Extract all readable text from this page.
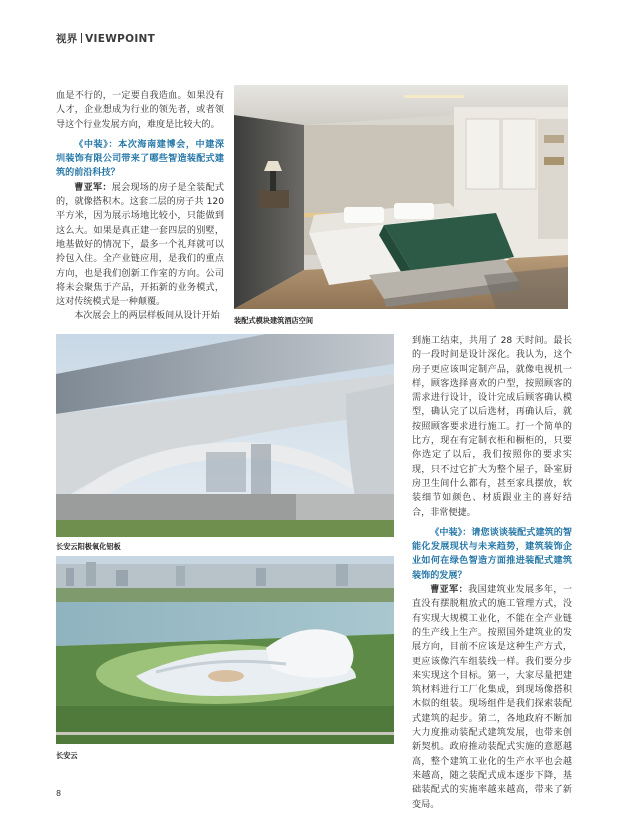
视界 VIEWPOINT

血是不行的，一定要自我造血。如果没有人才，企业想成为行业的领先者，或者领导这个行业发展方向，难度是比较大的。

《中装》：本次海南建博会，中建深圳装饰有限公司带来了哪些智造装配式建筑的前沿科技？

曹亚军：展会现场的房子是全装配式的，就像搭积木。这套二层的房子共 120 平方米，因为展示场地比较小，只能做到这么大。如果是真正建一套四层的别墅，地基做好的情况下，最多一个礼拜就可以拎包入住。全产业链应用，是我们的重点方向，也是我们创新工作室的方向。公司将未会聚焦于产品，开拓新的业务模式，这对传统模式是一种颠覆。

本次展会上的两层样板间从设计开始	装配式模块建筑酒店空间
长安云阳极氧化铝板
长安云

到施工结束，共用了 28 天时间。最长的一段时间是设计深化。我认为，这个房子更应该叫定制产品，就像电视机一样，顾客选择喜欢的户型，按照顾客的需求进行设计，设计完成后顾客确认模型，确认完了以后选材，再确认后，就按照顾客要求进行施工。打一个简单的比方，现在有定制衣柜和橱柜的，只要你选定了以后，我们按照你的要求实现，只不过它扩大为整个屋子，卧室厨房卫生间什么都有，甚至家具摆放，软装细节如颜色、材质跟业主的喜好结合，非常便捷。

《中装》：请您谈谈装配式建筑的智能化发展现状与未来趋势，建筑装饰企业如何在绿色智造方面推进装配式建筑装饰的发展？

曹亚军：我国建筑业发展多年，一直没有摆脱粗放式的施工管理方式，没有实现大规模工业化，不能在全产业链的生产线上生产。按照国外建筑业的发展方向，目前不应该是这种生产方式，更应该像汽车组装线一样。我们要分步来实现这个目标。第一，大家尽量把建筑材料进行工厂化集成，到现场像搭积木似的组装。现场组件是我们探索装配式建筑的起步。第二，各地政府不断加大力度推动装配式建筑发展，也带来创新契机。政府推动装配式实施的意愿越高，整个建筑工业化的生产水平也会越来越高，随之装配式成本逐步下降，基础装配式的实施率越来越高，带来了新变局。

8
